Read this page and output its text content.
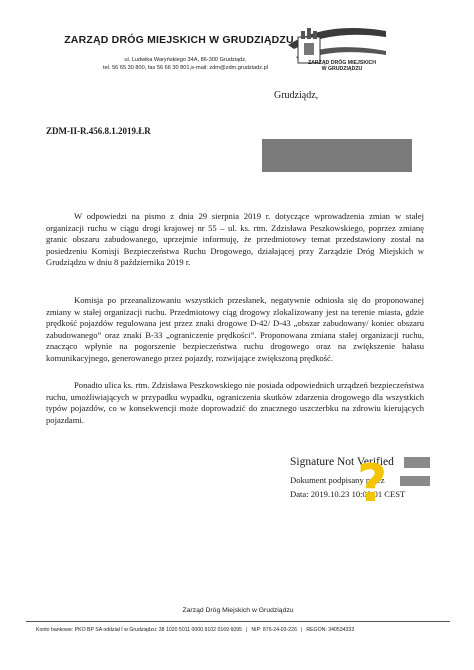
ZARZĄD DRÓG MIEJSKICH W GRUDZIĄDZU
ul. Ludwika Waryńskiego 34A, 86-300 Grudziądz,
tel. 56 65 30 800, fax 56 66 30 801,e-mail: zdm@zdm.grudziadz.pl
ZARZĄD DRÓG MIEJSKICH
W GRUDZIĄDZU
Grudziądz,
ZDM-II-R.456.8.1.2019.ŁR
W odpowiedzi na pismo z dnia 29 sierpnia 2019 r. dotyczące wprowadzenia zmian w stałej organizacji ruchu w ciągu drogi krajowej nr 55 – ul. ks. rtm. Zdzisława Peszkowskiego, poprzez zmianę granic obszaru zabudowanego, uprzejmie informuję, że przedmiotowy temat przedstawiony został na posiedzeniu Komisji Bezpieczeństwa Ruchu Drogowego, działającej przy Zarządzie Dróg Miejskich w Grudziądzu w dniu 8 października 2019 r.
Komisja po przeanalizowaniu wszystkich przesłanek, negatywnie odniosła się do proponowanej zmiany w stałej organizacji ruchu. Przedmiotowy ciąg drogowy zlokalizowany jest na terenie miasta, gdzie prędkość pojazdów regulowana jest przez znaki drogowe D-42/ D-43 „obszar zabudowany/ koniec obszaru zabudowanego” oraz znaki B-33 „ograniczenie prędkości”. Proponowana zmiana stałej organizacji ruchu, znacząco wpłynie na pogorszenie bezpieczeństwa ruchu drogowego oraz na zwiększenie hałasu komunikacyjnego, generowanego przez pojazdy, rozwijające zwiększoną prędkość.
Ponadto ulica ks. rtm. Zdzisława Peszkowskiego nie posiada odpowiednich urządzeń bezpieczeństwa ruchu, umożliwiających w przypadku wypadku, ograniczenia skutków zdarzenia drogowego dla wszystkich typów pojazdów, co w konsekwencji może doprowadzić do znacznego uszczerbku na zdrowiu kierujących pojazdami.
Signature Not Verified
Dokument podpisany przez
Data: 2019.10.23 10:00:01 CEST
?
Zarząd Dróg Miejskich w Grudziądzu
Konto bankowe: PKO BP SA oddział I w Grudziądzu: 38 1020 5011 0000 9102 0169 6095 | NIP: 876-24-03-226 | REGON: 340534333
